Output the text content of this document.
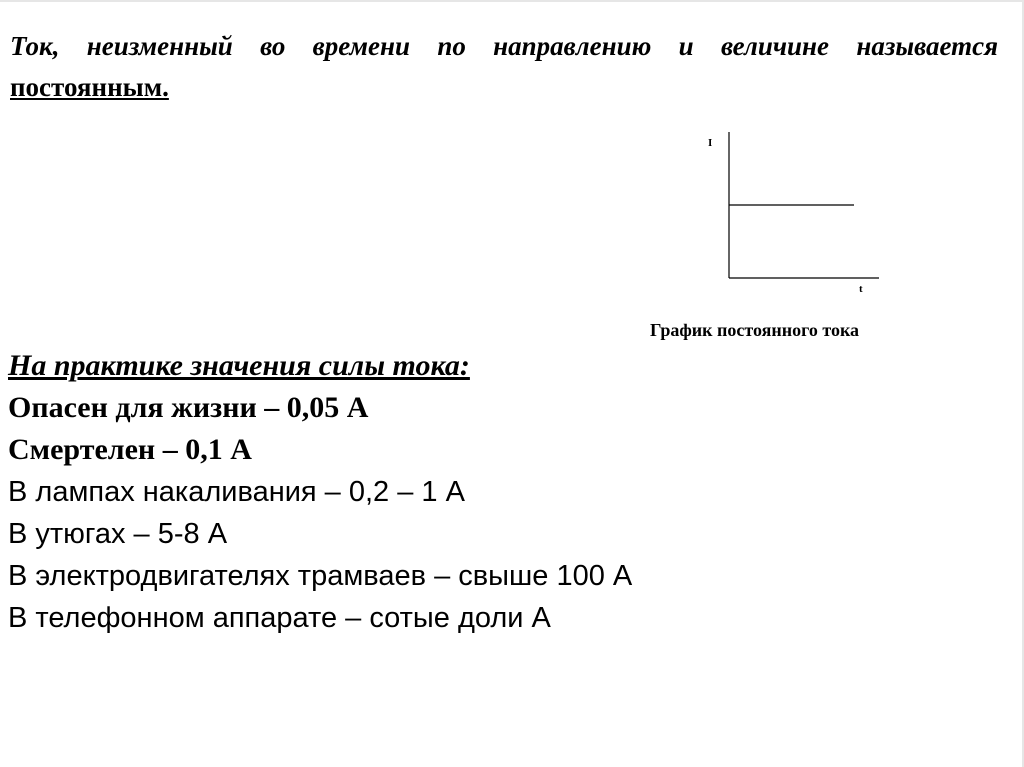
Ток, неизменный во времени по направлению и величине называется постоянным.
I
t
График постоянного тока
На практике значения силы тока:
Опасен для жизни – 0,05 А
Смертелен – 0,1 А
В лампах накаливания – 0,2 – 1 А
В утюгах – 5-8 А
В электродвигателях трамваев – свыше 100 А
В телефонном аппарате – сотые доли А
